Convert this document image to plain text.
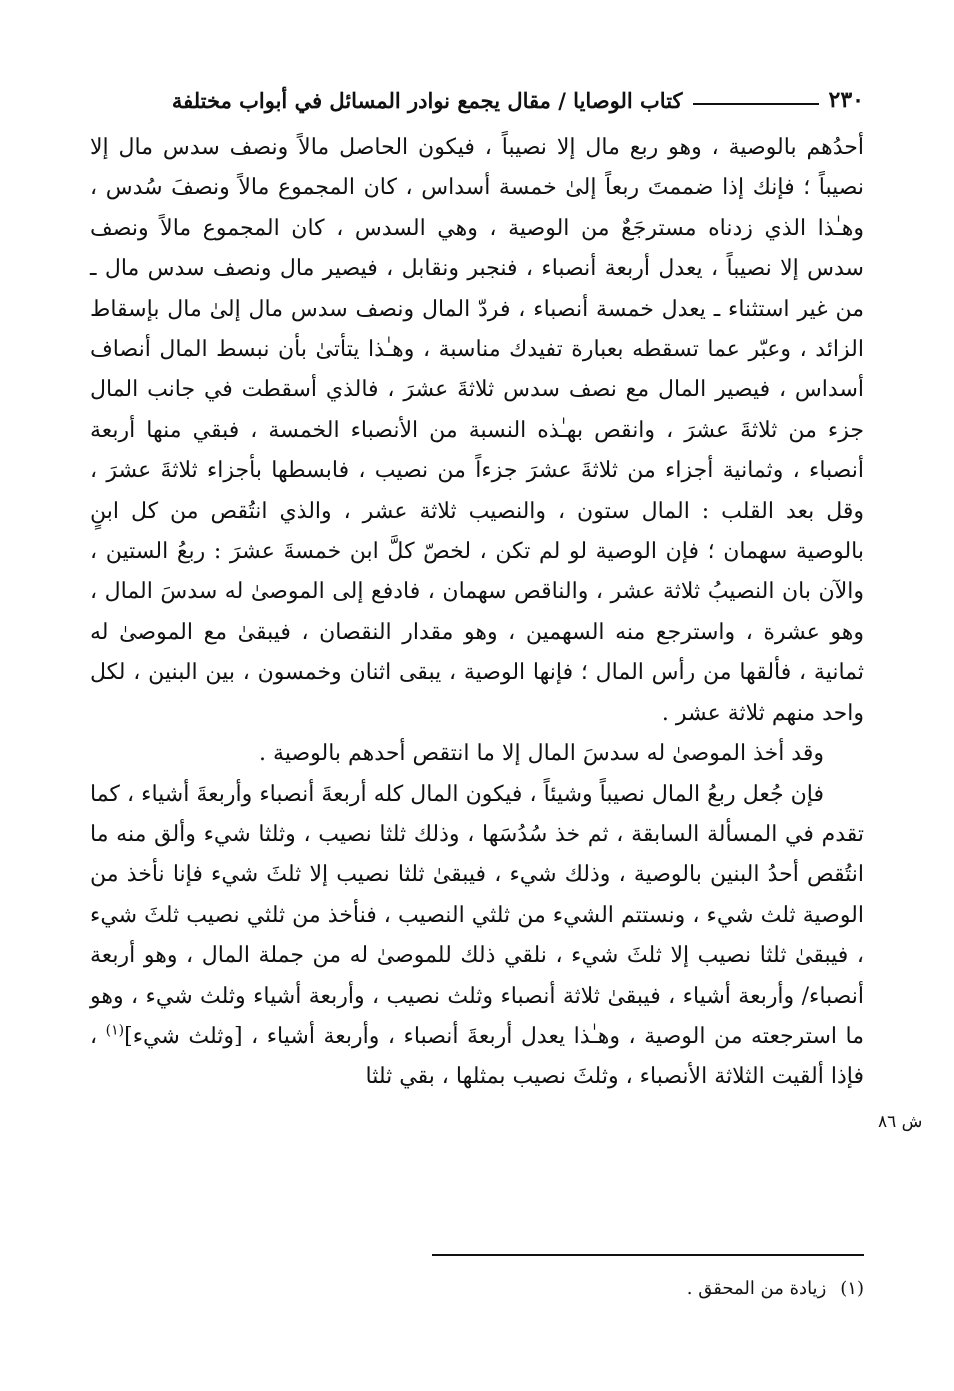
٢٣٠
كتاب الوصايا / مقال يجمع نوادر المسائل في أبواب مختلفة

أحدُهم بالوصية ، وهو ربع مال إلا نصيباً ، فيكون الحاصل مالاً ونصف سدس مال إلا نصيباً ؛ فإنك إذا ضممتَ ربعاً إلىٰ خمسة أسداس ، كان المجموع مالاً ونصفَ سُدس ، وهـٰذا الذي زدناه مسترجَعٌ من الوصية ، وهي السدس ، كان المجموع مالاً ونصف سدس إلا نصيباً ، يعدل أربعة أنصباء ، فنجبر ونقابل ، فيصير مال ونصف سدس مال ـ من غير استثناء ـ يعدل خمسة أنصباء ، فردّ المال ونصف سدس مال إلىٰ مال بإسقاط الزائد ، وعبّر عما تسقطه بعبارة تفيدك مناسبة ، وهـٰذا يتأتىٰ بأن نبسط المال أنصاف أسداس ، فيصير المال مع نصف سدس ثلاثةَ عشرَ ، فالذي أسقطت في جانب المال جزء من ثلاثةَ عشرَ ، وانقص بهـٰذه النسبة من الأنصباء الخمسة ، فبقي منها أربعة أنصباء ، وثمانية أجزاء من ثلاثةَ عشرَ جزءاً من نصيب ، فابسطها بأجزاء ثلاثةَ عشرَ ، وقل بعد القلب : المال ستون ، والنصيب ثلاثة عشر ، والذي انتُقص من كل ابنٍ بالوصية سهمان ؛ فإن الوصية لو لم تكن ، لخصّ كلَّ ابن خمسةَ عشرَ : ربعُ الستين ، والآن بان النصيبُ ثلاثة عشر ، والناقص سهمان ، فادفع إلى الموصىٰ له سدسَ المال ، وهو عشرة ، واسترجع منه السهمين ، وهو مقدار النقصان ، فيبقىٰ مع الموصىٰ له ثمانية ، فألقها من رأس المال ؛ فإنها الوصية ، يبقى اثنان وخمسون ، بين البنين ، لكل واحد منهم ثلاثة عشر .

وقد أخذ الموصىٰ له سدسَ المال إلا ما انتقص أحدهم بالوصية .

فإن جُعل ربعُ المال نصيباً وشيئاً ، فيكون المال كله أربعةَ أنصباء وأربعةَ أشياء ، كما تقدم في المسألة السابقة ، ثم خذ سُدُسَها ، وذلك ثلثا نصيب ، وثلثا شيء وألق منه ما انتُقص أحدُ البنين بالوصية ، وذلك شيء ، فيبقىٰ ثلثا نصيب إلا ثلثَ شيء فإنا نأخذ من الوصية ثلث شيء ، ونستتم الشيء من ثلثي النصيب ، فنأخذ من ثلثي نصيب ثلثَ شيء ، فيبقىٰ ثلثا نصيب إلا ثلثَ شيء ، نلقي ذلك للموصىٰ له من جملة المال ، وهو أربعة أنصباء/ وأربعة أشياء ، فيبقىٰ ثلاثة أنصباء وثلث نصيب ، وأربعة أشياء وثلث شيء ، وهو ما استرجعته من الوصية ، وهـٰذا يعدل أربعةَ أنصباء ، وأربعة أشياء ، [وثلث شيء]$^{(١)}$ ، فإذا ألقيت الثلاثة الأنصباء ، وثلثَ نصيب بمثلها ، بقي ثلثا

ش ٨٦
(١)زيادة من المحقق .
